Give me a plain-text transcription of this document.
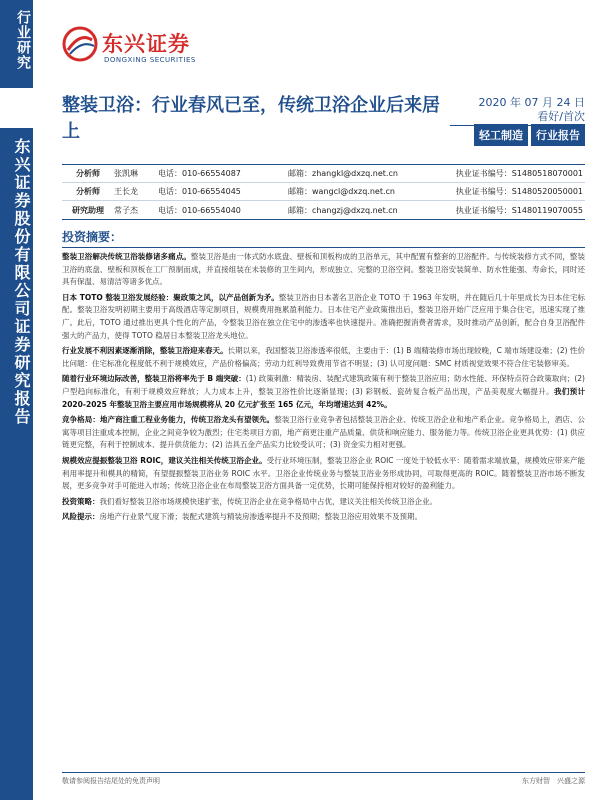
行业研究
东兴证券股份有限公司证券研究报告
东兴证券
DONGXING SECURITIES
整装卫浴：行业春风已至，传统卫浴企业后来居上
2020 年 07 月 24 日
看好/首次
轻工制造	行业报告
分析师	张凯琳	电话：010-66554087	邮箱：zhangkl@dxzq.net.cn	执业证书编号：S1480518070001
分析师	王长龙	电话：010-66554045	邮箱：wangcl@dxzq.net.cn	执业证书编号：S1480520050001
研究助理	常子杰	电话：010-66554040	邮箱：changzj@dxzq.net.cn	执业证书编号：S1480119070055
投资摘要：

整装卫浴解决传统卫浴装修诸多痛点。整装卫浴是由一体式防水底盘、壁板和顶板构成的卫浴单元，其中配置有整套的卫浴配件。与传统装修方式不同，整装卫浴的底盘、壁板和顶板在工厂预制而成，并直接组装在未装修的卫生间内，形成独立、完整的卫浴空间。整装卫浴安装简单、防水性能强、寿命长，同时还具有保温、易清洁等诸多优点。

日本 TOTO 整装卫浴发展经验：聚政策之风，以产品创新为矛。整装卫浴由日本著名卫浴企业 TOTO 于 1963 年发明，并在随后几十年里成长为日本住宅标配。整装卫浴发明初期主要用于高级酒店等定制项目，规模费用拖累盈利能力。日本住宅产业政策推出后，整装卫浴开始广泛应用于集合住宅，迅速实现了推广。此后，TOTO 通过推出更具个性化的产品，令整装卫浴在独立住宅中的渗透率也快速提升。准确把握消费者需求，及时推动产品创新，配合自身卫浴配件强大的产品力，使得 TOTO 稳居日本整装卫浴龙头地位。

行业发展不利因素逐渐消除，整装卫浴迎来春天。长期以来，我国整装卫浴渗透率很低，主要由于：(1) B 端精装修市场出现较晚，C 端市场建设难；(2) 性价比问题：住宅标准化程度低不利于规模效应，产品价格偏高；劳动力红利导致费用节省不明显；(3) 认可度问题：SMC 材质视觉效果不符合住宅装修审美。

随着行业环境边际改善，整装卫浴将率先于 B 端突破：(1) 政策刺激：精装房、装配式建筑政策有利于整装卫浴应用；防水性能、环保特点符合政策取向；(2) 户型趋向标准化，有利于规模效应释放；人力成本上升，整装卫浴性价比逐渐显现；(3) 彩钢板、瓷砖复合板产品出现，产品美观度大幅提升。我们预计 2020-2025 年整装卫浴主要应用市场规模将从 20 亿元扩张至 165 亿元，年均增速达到 42%。

竞争格局：地产商注重工程业务能力，传统卫浴龙头有望领先。整装卫浴行业竞争者包括整装卫浴企业、传统卫浴企业和地产系企业。竞争格局上，酒店、公寓等项目注重成本控制，企业之间竞争较为激烈；住宅类项目方面，地产商更注重产品质量、供货和响应能力、服务能力等。传统卫浴企业更具优势：(1) 供应链更完整，有利于控制成本、提升供货能力；(2) 洁具五金产品实力比较受认可；(3) 资金实力相对更强。

规模效应提振整装卫浴 ROIC，建议关注相关传统卫浴企业。受行业环境压制，整装卫浴企业 ROIC 一度处于较低水平：随着需求端放量，规模效应带来产能利用率提升和模具的精简，有望提振整装卫浴业务 ROIC 水平。卫浴企业传统业务与整装卫浴业务形成协同，可取得更高的 ROIC。随着整装卫浴市场不断发展，更多竞争对手可能进入市场；传统卫浴企业在布局整装卫浴方面具备一定优势，长期可能保持相对较好的盈利能力。

投资策略：我们看好整装卫浴市场规模快速扩张，传统卫浴企业在竞争格局中占优，建议关注相关传统卫浴企业。

风险提示：房地产行业景气度下滑；装配式建筑与精装房渗透率提升不及预期；整装卫浴应用效果不及预期。

敬请参阅报告结尾处的免责声明	东方财智　兴盛之源
